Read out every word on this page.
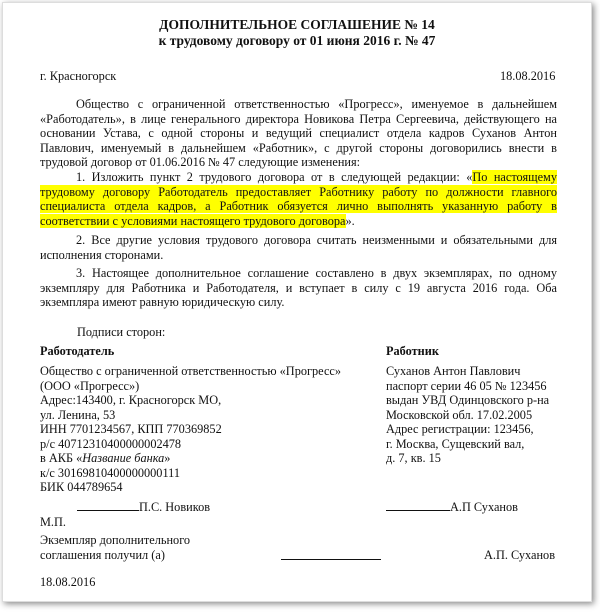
ДОПОЛНИТЕЛЬНОЕ СОГЛАШЕНИЕ № 14
к трудовому договору от 01 июня 2016 г. № 47
г. Красногорск	18.08.2016
Общество с ограниченной ответственностью «Прогресс», именуемое в дальнейшем «Работодатель», в лице генерального директора Новикова Петра Сергеевича, действующего на основании Устава, с одной стороны и ведущий специалист отдела кадров Суханов Антон Павлович, именуемый в дальнейшем «Работник», с другой стороны договорились внести в трудовой договор от 01.06.2016 № 47 следующие изменения:
1. Изложить пункт 2 трудового договора от в следующей редакции: «По настоящему трудовому договору Работодатель предоставляет Работнику работу по должности главного специалиста отдела кадров, а Работник обязуется лично выполнять указанную работу в соответствии с условиями настоящего трудового договора».
2. Все другие условия трудового договора считать неизменными и обязательными для исполнения сторонами.
3. Настоящее дополнительное соглашение составлено в двух экземплярах, по одному экземпляру для Работника и Работодателя, и вступает в силу с 19 августа 2016 года. Оба экземпляра имеют равную юридическую силу.
Подписи сторон:
Работодатель
Общество с ограниченной ответственностью «Прогресс»
(ООО «Прогресс»)
Адрес:143400, г. Красногорск МО,
ул. Ленина, 53
ИНН 7701234567, КПП 770369852
р/с 40712310400000002478
в АКБ «Название банка»
к/с 30169810400000000111
БИК 044789654
Работник
Суханов Антон Павлович
паспорт серии 46 05 № 123456
выдан УВД Одинцовского р-на
Московской обл. 17.02.2005
Адрес регистрации: 123456,
г. Москва, Сущевский вал,
д. 7, кв. 15
П.С. Новиков
М.П.
А.П Суханов
Экземпляр дополнительного
соглашения получил (а)	А.П. Суханов
18.08.2016
